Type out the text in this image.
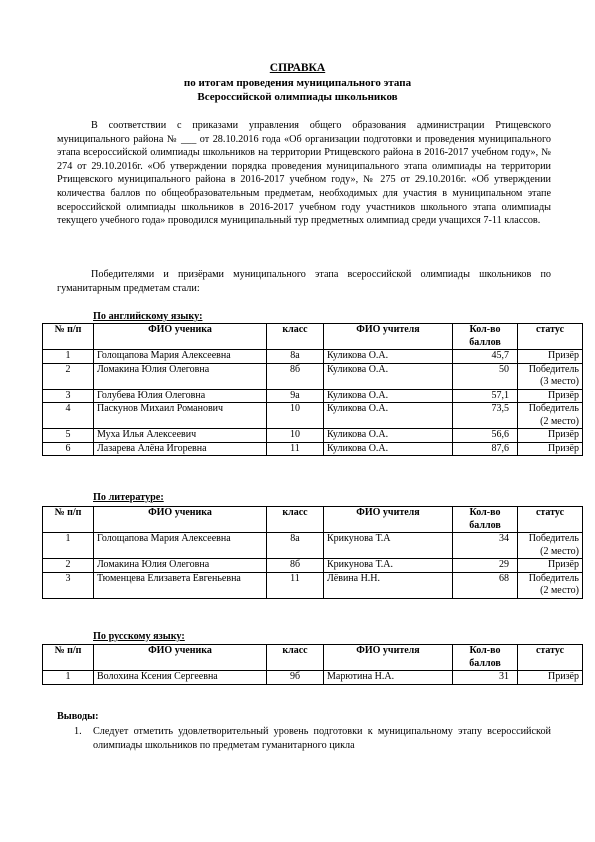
СПРАВКА
по итогам проведения муниципального этапа
Всероссийской олимпиады школьников
В соответствии с приказами управления общего образования администрации Ртищевского муниципального района № ___ от 28.10.2016 года «Об организации подготовки и проведения муниципального этапа всероссийской олимпиады школьников на территории Ртищевского района в 2016-2017 учебном году», № 274 от 29.10.2016г. «Об утверждении порядка проведения муниципального этапа олимпиады на территории Ртищевского муниципального района в 2016-2017 учебном году», № 275 от 29.10.2016г. «Об утверждении количества баллов по общеобразовательным предметам, необходимых для участия в муниципальном этапе всероссийской олимпиады школьников в 2016-2017 учебном году участников школьного этапа олимпиады текущего учебного года» проводился муниципальный тур предметных олимпиад среди учащихся 7-11 классов.
Победителями и призёрами муниципального этапа всероссийской олимпиады школьников по гуманитарным предметам стали:
По английскому языку:
№ п/п	ФИО ученика	класс	ФИО учителя	Кол-во баллов	статус
1	Голощапова Мария Алексеевна	8а	Куликова О.А.	45,7	Призёр
2	Ломакина Юлия Олеговна	8б	Куликова О.А.	50	Победитель (3 место)
3	Голубева Юлия Олеговна	9а	Куликова О.А.	57,1	Призёр
4	Паскунов Михаил Романович	10	Куликова О.А.	73,5	Победитель (2 место)
5	Муха Илья Алексеевич	10	Куликова О.А.	56,6	Призёр
6	Лазарева Алёна Игоревна	11	Куликова О.А.	87,6	Призёр
По литературе:
№ п/п	ФИО ученика	класс	ФИО учителя	Кол-во баллов	статус
1	Голощапова Мария Алексеевна	8а	Крикунова Т.А	34	Победитель (2 место)
2	Ломакина Юлия Олеговна	8б	Крикунова Т.А.	29	Призёр
3	Тюменцева Елизавета Евгеньевна	11	Лёвина Н.Н.	68	Победитель (2 место)
По русскому языку:
№ п/п	ФИО ученика	класс	ФИО учителя	Кол-во баллов	статус
1	Волохина Ксения Сергеевна	9б	Марютина Н.А.	31	Призёр
Выводы:
1. Следует отметить удовлетворительный уровень подготовки к муниципальному этапу всероссийской олимпиады школьников по предметам гуманитарного цикла
